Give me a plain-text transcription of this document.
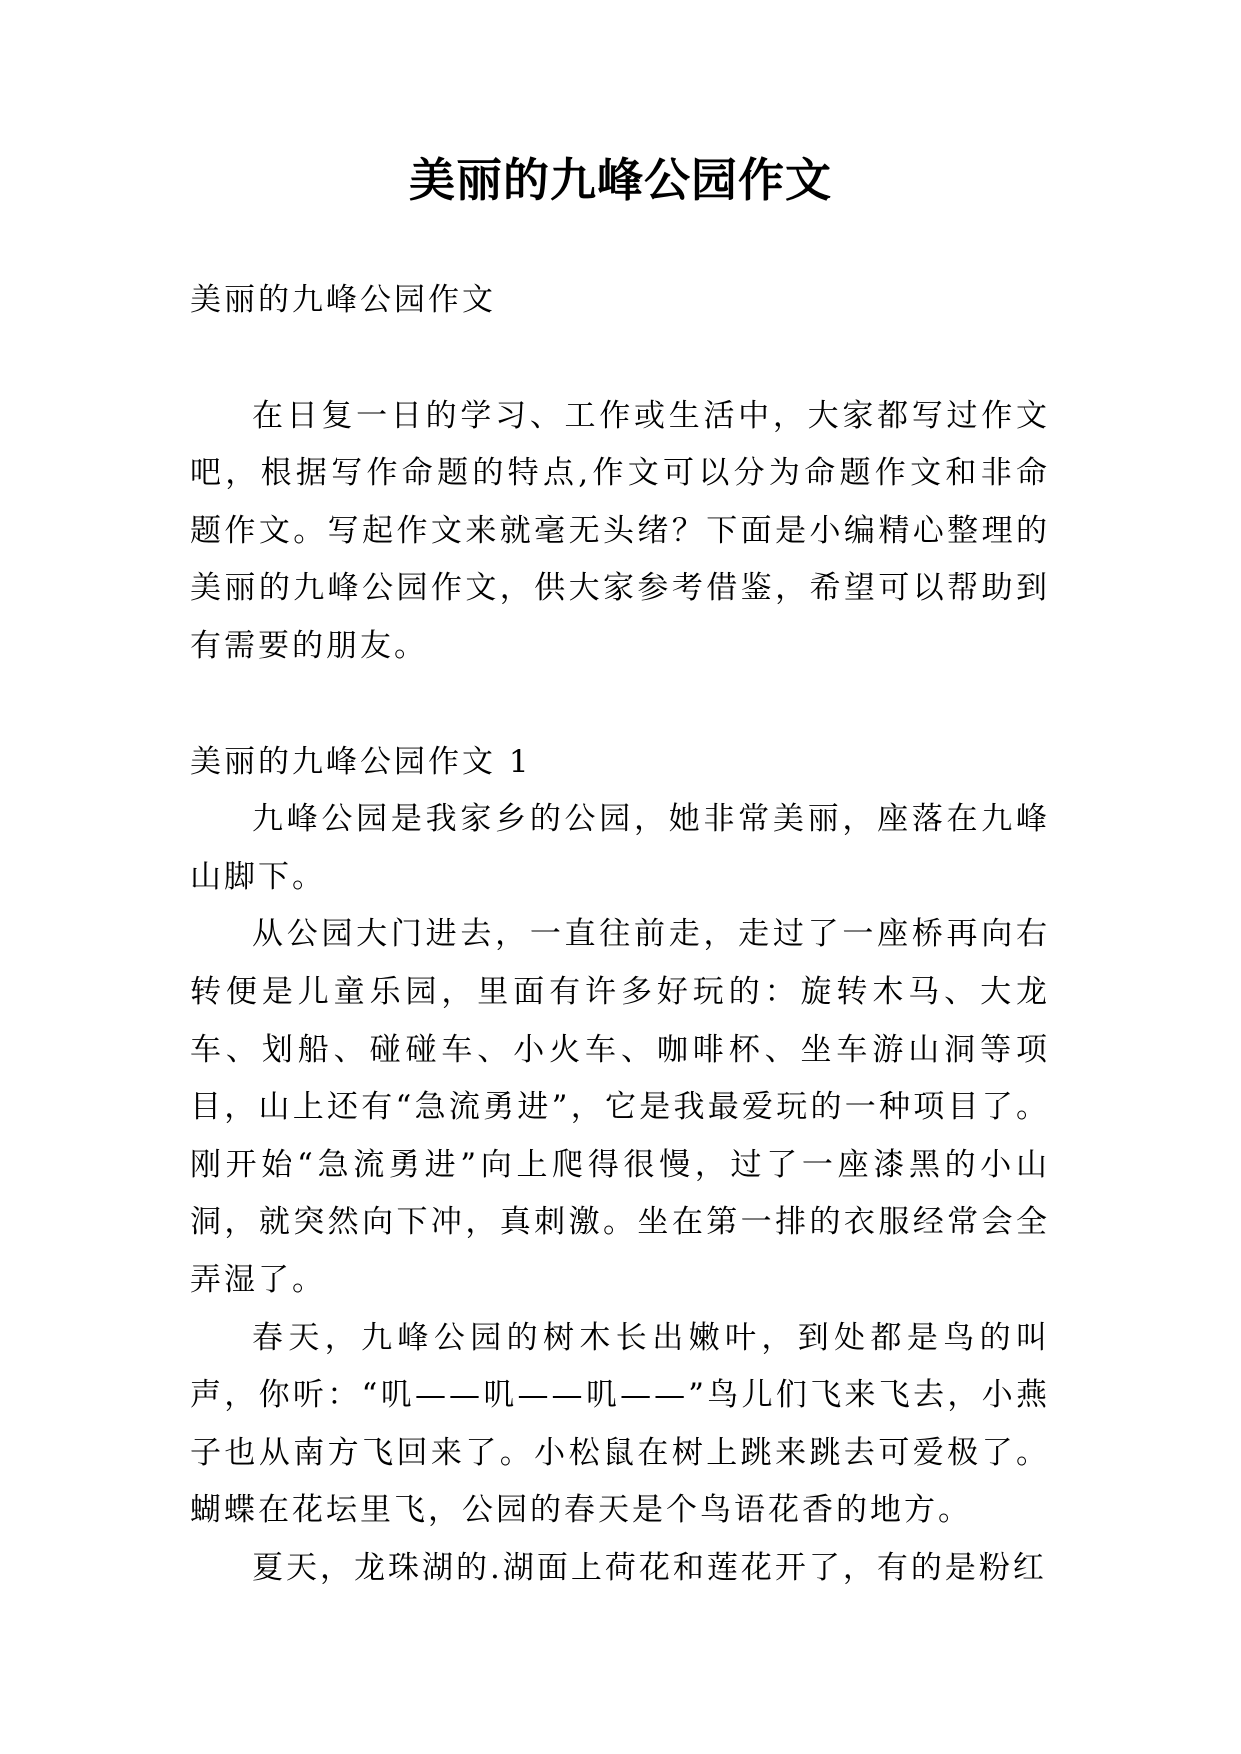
美丽的九峰公园作文

美丽的九峰公园作文

在日复一日的学习、工作或生活中，大家都写过作文吧，根据写作命题的特点,作文可以分为命题作文和非命题作文。写起作文来就毫无头绪？下面是小编精心整理的美丽的九峰公园作文，供大家参考借鉴，希望可以帮助到有需要的朋友。

美丽的九峰公园作文 1

九峰公园是我家乡的公园，她非常美丽，座落在九峰山脚下。

从公园大门进去，一直往前走，走过了一座桥再向右转便是儿童乐园，里面有许多好玩的：旋转木马、大龙车、划船、碰碰车、小火车、咖啡杯、坐车游山洞等项目，山上还有“急流勇进”，它是我最爱玩的一种项目了。刚开始“急流勇进”向上爬得很慢，过了一座漆黑的小山洞，就突然向下冲，真刺激。坐在第一排的衣服经常会全弄湿了。

春天，九峰公园的树木长出嫩叶，到处都是鸟的叫声，你听：“叽——叽——叽——”鸟儿们飞来飞去，小燕子也从南方飞回来了。小松鼠在树上跳来跳去可爱极了。蝴蝶在花坛里飞，公园的春天是个鸟语花香的地方。

夏天，龙珠湖的.湖面上荷花和莲花开了，有的是粉红
